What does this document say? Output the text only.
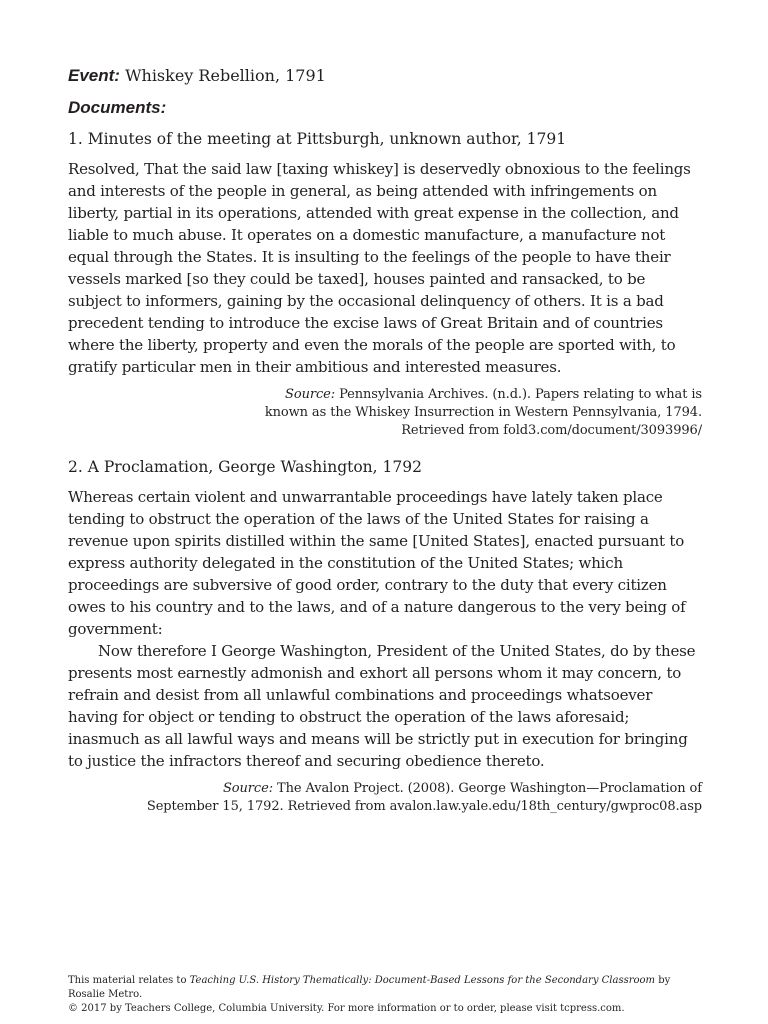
Event: Whiskey Rebellion, 1791
Documents:
1. Minutes of the meeting at Pittsburgh, unknown author, 1791

Resolved, That the said law [taxing whiskey] is deservedly obnoxious to the feelings and interests of the people in general, as being attended with infringements on liberty, partial in its operations, attended with great expense in the collection, and liable to much abuse. It operates on a domestic manufacture, a manufacture not equal through the States. It is insulting to the feelings of the people to have their vessels marked [so they could be taxed], houses painted and ransacked, to be subject to informers, gaining by the occasional delinquency of others. It is a bad precedent tending to introduce the excise laws of Great Britain and of countries where the liberty, property and even the morals of the people are sported with, to gratify particular men in their ambitious and interested measures.

Source: Pennsylvania Archives. (n.d.). Papers relating to what is
known as the Whiskey Insurrection in Western Pennsylvania, 1794.
Retrieved from fold3.com/document/3093996/
2. A Proclamation, George Washington, 1792

Whereas certain violent and unwarrantable proceedings have lately taken place tending to obstruct the operation of the laws of the United States for raising a revenue upon spirits distilled within the same [United States], enacted pursuant to express authority delegated in the constitution of the United States; which proceedings are subversive of good order, contrary to the duty that every citizen owes to his country and to the laws, and of a nature dangerous to the very being of government:

Now therefore I George Washington, President of the United States, do by these presents most earnestly admonish and exhort all persons whom it may concern, to refrain and desist from all unlawful combinations and proceedings whatsoever having for object or tending to obstruct the operation of the laws aforesaid; inasmuch as all lawful ways and means will be strictly put in execution for bringing to justice the infractors thereof and securing obedience thereto.

Source: The Avalon Project. (2008). George Washington—Proclamation of
September 15, 1792. Retrieved from avalon.law.yale.edu/18th_century/gwproc08.asp
This material relates to Teaching U.S. History Thematically: Document-Based Lessons for the Secondary Classroom by Rosalie Metro.
© 2017 by Teachers College, Columbia University. For more information or to order, please visit tcpress.com.
